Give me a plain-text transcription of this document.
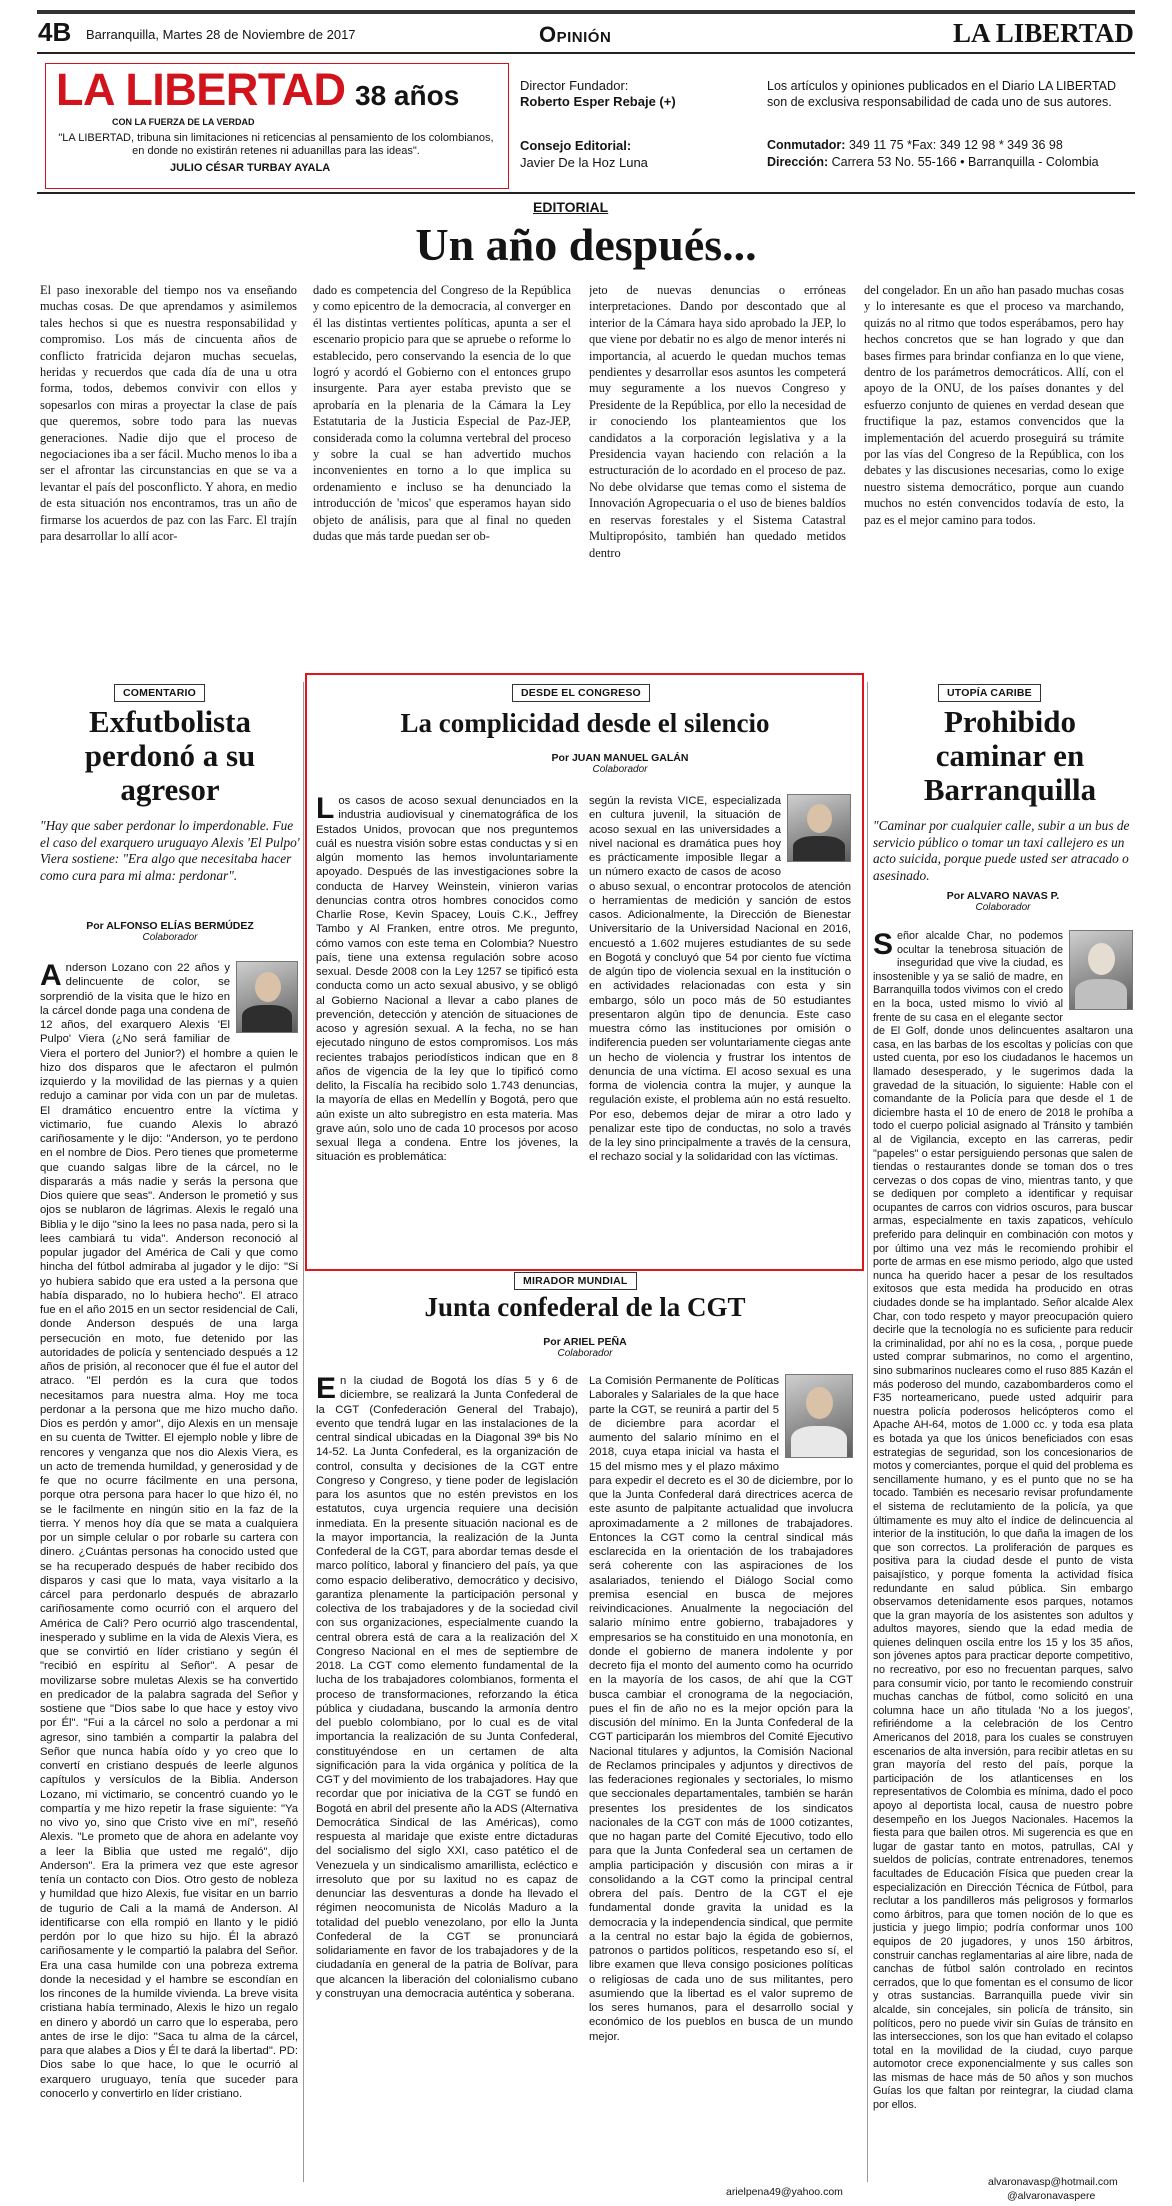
4B Barranquilla, Martes 28 de Noviembre de 2017	Opinión	LA LIBERTAD
LA LIBERTAD 38 años
CON LA FUERZA DE LA VERDAD
"LA LIBERTAD, tribuna sin limitaciones ni reticencias al pensamiento de los colombianos, en donde no existirán retenes ni aduanillas para las ideas".
JULIO CÉSAR TURBAY AYALA
Director Fundador:
Roberto Esper Rebaje (+)
Consejo Editorial:
Javier De la Hoz Luna
Los artículos y opiniones publicados en el Diario LA LIBERTAD son de exclusiva responsabilidad de cada uno de sus autores.
Conmutador: 349 11 75 *Fax: 349 12 98 * 349 36 98
Dirección: Carrera 53 No. 55-166 • Barranquilla - Colombia
EDITORIAL
Un año después...

El paso inexorable del tiempo nos va enseñando muchas cosas. De que aprendamos y asimilemos tales hechos si que es nuestra responsabilidad y compromiso. Los más de cincuenta años de conflicto fratricida dejaron muchas secuelas, heridas y recuerdos que cada día de una u otra forma, todos, debemos convivir con ellos y sopesarlos con miras a proyectar la clase de país que queremos, sobre todo para las nuevas generaciones. Nadie dijo que el proceso de negociaciones iba a ser fácil. Mucho menos lo iba a ser el afrontar las circunstancias en que se va a levantar el país del posconflicto. Y ahora, en medio de esta situación nos encontramos, tras un año de firmarse los acuerdos de paz con las Farc. El trajín para desarrollar lo allí acor-

dado es competencia del Congreso de la República y como epicentro de la democracia, al converger en él las distintas vertientes políticas, apunta a ser el escenario propicio para que se apruebe o reforme lo establecido, pero conservando la esencia de lo que logró y acordó el Gobierno con el entonces grupo insurgente. Para ayer estaba previsto que se aprobaría en la plenaria de la Cámara la Ley Estatutaria de la Justicia Especial de Paz-JEP, considerada como la columna vertebral del proceso y sobre la cual se han advertido muchos inconvenientes en torno a lo que implica su ordenamiento e incluso se ha denunciado la introducción de 'micos' que esperamos hayan sido objeto de análisis, para que al final no queden dudas que más tarde puedan ser ob-

jeto de nuevas denuncias o erróneas interpretaciones. Dando por descontado que al interior de la Cámara haya sido aprobado la JEP, lo que viene por debatir no es algo de menor interés ni importancia, al acuerdo le quedan muchos temas pendientes y desarrollar esos asuntos les competerá muy seguramente a los nuevos Congreso y Presidente de la República, por ello la necesidad de ir conociendo los planteamientos que los candidatos a la corporación legislativa y a la Presidencia vayan haciendo con relación a la estructuración de lo acordado en el proceso de paz. No debe olvidarse que temas como el sistema de Innovación Agropecuaria o el uso de bienes baldíos en reservas forestales y el Sistema Catastral Multipropósito, también han quedado metidos dentro

del congelador. En un año han pasado muchas cosas y lo interesante es que el proceso va marchando, quizás no al ritmo que todos esperábamos, pero hay hechos concretos que se han logrado y que dan bases firmes para brindar confianza en lo que viene, dentro de los parámetros democráticos. Allí, con el apoyo de la ONU, de los países donantes y del esfuerzo conjunto de quienes en verdad desean que fructifique la paz, estamos convencidos que la implementación del acuerdo proseguirá su trámite por las vías del Congreso de la República, con los debates y las discusiones necesarias, como lo exige nuestro sistema democrático, porque aun cuando muchos no estén convencidos todavía de esto, la paz es el mejor camino para todos.

COMENTARIO
Exfutbolista perdonó a su agresor
"Hay que saber perdonar lo imperdonable. Fue el caso del exarquero uruguayo Alexis 'El Pulpo' Viera sostiene: "Era algo que necesitaba hacer como cura para mi alma: perdonar".
Por ALFONSO ELÍAS BERMÚDEZ
Colaborador
Anderson Lozano con 22 años y delincuente de color, se sorprendió de la visita que le hizo en la cárcel donde paga una condena de 12 años, del exarquero Alexis 'El Pulpo' Viera (¿No será familiar de Viera el portero del Junior?) el hombre a quien le hizo dos disparos que le afectaron el pulmón izquierdo y la movilidad de las piernas y a quien redujo a caminar por vida con un par de muletas. El dramático encuentro entre la víctima y victimario, fue cuando Alexis lo abrazó cariñosamente y le dijo: "Anderson, yo te perdono en el nombre de Dios. Pero tienes que prometerme que cuando salgas libre de la cárcel, no le dispararás a más nadie y serás la persona que Dios quiere que seas". Anderson le prometió y sus ojos se nublaron de lágrimas. Alexis le regaló una Biblia y le dijo "sino la lees no pasa nada, pero si la lees cambiará tu vida". Anderson reconoció al popular jugador del América de Cali y que como hincha del fútbol admiraba al jugador y le dijo: "Si yo hubiera sabido que era usted a la persona que había disparado, no lo hubiera hecho". El atraco fue en el año 2015 en un sector residencial de Cali, donde Anderson después de una larga persecución en moto, fue detenido por las autoridades de policía y sentenciado después a 12 años de prisión, al reconocer que él fue el autor del atraco. "El perdón es la cura que todos necesitamos para nuestra alma. Hoy me toca perdonar a la persona que me hizo mucho daño. Dios es perdón y amor", dijo Alexis en un mensaje en su cuenta de Twitter. El ejemplo noble y libre de rencores y venganza que nos dio Alexis Viera, es un acto de tremenda humildad, y generosidad y de fe que no ocurre fácilmente en una persona, porque otra persona para hacer lo que hizo él, no se le facilmente en ningún sitio en la faz de la tierra. Y menos hoy día que se mata a cualquiera por un simple celular o por robarle su cartera con dinero. ¿Cuántas personas ha conocido usted que se ha recuperado después de haber recibido dos disparos y casi que lo mata, vaya visitarlo a la cárcel para perdonarlo después de abrazarlo cariñosamente como ocurrió con el arquero del América de Cali? Pero ocurrió algo trascendental, inesperado y sublime en la vida de Alexis Viera, es que se convirtió en líder cristiano y según él "recibió en espíritu al Señor". A pesar de movilizarse sobre muletas Alexis se ha convertido en predicador de la palabra sagrada del Señor y sostiene que "Dios sabe lo que hace y estoy vivo por Él". "Fui a la cárcel no solo a perdonar a mi agresor, sino también a compartir la palabra del Señor que nunca había oído y yo creo que lo convertí en cristiano después de leerle algunos capítulos y versículos de la Biblia. Anderson Lozano, mi victimario, se concentró cuando yo le compartía y me hizo repetir la frase siguiente: "Ya no vivo yo, sino que Cristo vive en mí", reseñó Alexis. "Le prometo que de ahora en adelante voy a leer la Biblia que usted me regaló", dijo Anderson". Era la primera vez que este agresor tenía un contacto con Dios. Otro gesto de nobleza y humildad que hizo Alexis, fue visitar en un barrio de tugurio de Cali a la mamá de Anderson. Al identificarse con ella rompió en llanto y le pidió perdón por lo que hizo su hijo. Él la abrazó cariñosamente y le compartió la palabra del Señor. Era una casa humilde con una pobreza extrema donde la necesidad y el hambre se escondían en los rincones de la humilde vivienda. La breve visita cristiana había terminado, Alexis le hizo un regalo en dinero y abordó un carro que lo esperaba, pero antes de irse le dijo: "Saca tu alma de la cárcel, para que alabes a Dios y Él te dará la libertad". PD: Dios sabe lo que hace, lo que le ocurrió al exarquero uruguayo, tenía que suceder para conocerlo y convertirlo en líder cristiano.
DESDE EL CONGRESO
La complicidad desde el silencio
Por JUAN MANUEL GALÁN
Colaborador
Los casos de acoso sexual denunciados en la industria audiovisual y cinematográfica de los Estados Unidos, provocan que nos preguntemos cuál es nuestra visión sobre estas conductas y si en algún momento las hemos involuntariamente apoyado. Después de las investigaciones sobre la conducta de Harvey Weinstein, vinieron varias denuncias contra otros hombres conocidos como Charlie Rose, Kevin Spacey, Louis C.K., Jeffrey Tambo y Al Franken, entre otros. Me pregunto, cómo vamos con este tema en Colombia? Nuestro país, tiene una extensa regulación sobre acoso sexual. Desde 2008 con la Ley 1257 se tipificó esta conducta como un acto sexual abusivo, y se obligó al Gobierno Nacional a llevar a cabo planes de prevención, detección y atención de situaciones de acoso y agresión sexual. A la fecha, no se han ejecutado ninguno de estos compromisos. Los más recientes trabajos periodísticos indican que en 8 años de vigencia de la ley que lo tipificó como delito, la Fiscalía ha recibido solo 1.743 denuncias, la mayoría de ellas en Medellín y Bogotá, pero que aún existe un alto subregistro en esta materia. Mas grave aún, solo uno de cada 10 procesos por acoso sexual llega a condena. Entre los jóvenes, la situación es problemática:
según la revista VICE, especializada en cultura juvenil, la situación de acoso sexual en las universidades a nivel nacional es dramática pues hoy es prácticamente imposible llegar a un número exacto de casos de acoso o abuso sexual, o encontrar protocolos de atención o herramientas de medición y sanción de estos casos. Adicionalmente, la Dirección de Bienestar Universitario de la Universidad Nacional en 2016, encuestó a 1.602 mujeres estudiantes de su sede en Bogotá y concluyó que 54 por ciento fue víctima de algún tipo de violencia sexual en la institución o en actividades relacionadas con esta y sin embargo, sólo un poco más de 50 estudiantes presentaron algún tipo de denuncia. Este caso muestra cómo las instituciones por omisión o indiferencia pueden ser voluntariamente ciegas ante un hecho de violencia y frustrar los intentos de denuncia de una víctima. El acoso sexual es una forma de violencia contra la mujer, y aunque la regulación existe, el problema aún no está resuelto. Por eso, debemos dejar de mirar a otro lado y penalizar este tipo de conductas, no solo a través de la ley sino principalmente a través de la censura, el rechazo social y la solidaridad con las víctimas.
MIRADOR MUNDIAL
Junta confederal de la CGT
Por ARIEL PEÑA
Colaborador
En la ciudad de Bogotá los días 5 y 6 de diciembre, se realizará la Junta Confederal de la CGT (Confederación General del Trabajo), evento que tendrá lugar en las instalaciones de la central sindical ubicadas en la Diagonal 39ª bis No 14-52. La Junta Confederal, es la organización de control, consulta y decisiones de la CGT entre Congreso y Congreso, y tiene poder de legislación para los asuntos que no estén previstos en los estatutos, cuya urgencia requiere una decisión inmediata. En la presente situación nacional es de la mayor importancia, la realización de la Junta Confederal de la CGT, para abordar temas desde el marco político, laboral y financiero del país, ya que como espacio deliberativo, democrático y decisivo, garantiza plenamente la participación personal y colectiva de los trabajadores y de la sociedad civil con sus organizaciones, especialmente cuando la central obrera está de cara a la realización del X Congreso Nacional en el mes de septiembre de 2018. La CGT como elemento fundamental de la lucha de los trabajadores colombianos, formenta el proceso de transformaciones, reforzando la ética pública y ciudadana, buscando la armonía dentro del pueblo colombiano, por lo cual es de vital importancia la realización de su Junta Confederal, constituyéndose en un certamen de alta significación para la vida orgánica y política de la CGT y del movimiento de los trabajadores. Hay que recordar que por iniciativa de la CGT se fundó en Bogotá en abril del presente año la ADS (Alternativa Democrática Sindical de las Américas), como respuesta al maridaje que existe entre dictaduras del socialismo del siglo XXI, caso patético el de Venezuela y un sindicalismo amarillista, ecléctico e irresoluto que por su laxitud no es capaz de denunciar las desventuras a donde ha llevado el régimen neocomunista de Nicolás Maduro a la totalidad del pueblo venezolano, por ello la Junta Confederal de la CGT se pronunciará solidariamente en favor de los trabajadores y de la ciudadanía en general de la patria de Bolívar, para que alcancen la liberación del colonialismo cubano y construyan una democracia auténtica y soberana.
La Comisión Permanente de Políticas Laborales y Salariales de la que hace parte la CGT, se reunirá a partir del 5 de diciembre para acordar el aumento del salario mínimo en el 2018, cuya etapa inicial va hasta el 15 del mismo mes y el plazo máximo para expedir el decreto es el 30 de diciembre, por lo que la Junta Confederal dará directrices acerca de este asunto de palpitante actualidad que involucra aproximadamente a 2 millones de trabajadores. Entonces la CGT como la central sindical más esclarecida en la orientación de los trabajadores será coherente con las aspiraciones de los asalariados, teniendo el Diálogo Social como premisa esencial en busca de mejores reivindicaciones. Anualmente la negociación del salario mínimo entre gobierno, trabajadores y empresarios se ha constituido en una monotonía, en donde el gobierno de manera indolente y por decreto fija el monto del aumento como ha ocurrido en la mayoría de los casos, de ahí que la CGT busca cambiar el cronograma de la negociación, pues el fin de año no es la mejor opción para la discusión del mínimo. En la Junta Confederal de la CGT participarán los miembros del Comité Ejecutivo Nacional titulares y adjuntos, la Comisión Nacional de Reclamos principales y adjuntos y directivos de las federaciones regionales y sectoriales, lo mismo que seccionales departamentales, también se harán presentes los presidentes de los sindicatos nacionales de la CGT con más de 1000 cotizantes, que no hagan parte del Comité Ejecutivo, todo ello para que la Junta Confederal sea un certamen de amplia participación y discusión con miras a ir consolidando a la CGT como la principal central obrera del país. Dentro de la CGT el eje fundamental donde gravita la unidad es la democracia y la independencia sindical, que permite a la central no estar bajo la égida de gobiernos, patronos o partidos políticos, respetando eso sí, el libre examen que lleva consigo posiciones políticas o religiosas de cada uno de sus militantes, pero asumiendo que la libertad es el valor supremo de los seres humanos, para el desarrollo social y económico de los pueblos en busca de un mundo mejor.
arielpena49@yahoo.com
UTOPÍA CARIBE
Prohibido caminar en Barranquilla
"Caminar por cualquier calle, subir a un bus de servicio público o tomar un taxi callejero es un acto suicida, porque puede usted ser atracado o asesinado.
Por ALVARO NAVAS P.
Colaborador
Señor alcalde Char, no podemos ocultar la tenebrosa situación de inseguridad que vive la ciudad, es insostenible y ya se salió de madre, en Barranquilla todos vivimos con el credo en la boca, usted mismo lo vivió al frente de su casa en el elegante sector de El Golf, donde unos delincuentes asaltaron una casa, en las barbas de los escoltas y policías con que usted cuenta, por eso los ciudadanos le hacemos un llamado desesperado, y le sugerimos dada la gravedad de la situación, lo siguiente: Hable con el comandante de la Policía para que desde el 1 de diciembre hasta el 10 de enero de 2018 le prohíba a todo el cuerpo policial asignado al Tránsito y también al de Vigilancia, excepto en las carreras, pedir "papeles" o estar persiguiendo personas que salen de tiendas o restaurantes donde se toman dos o tres cervezas o dos copas de vino, mientras tanto, y que se dediquen por completo a identificar y requisar ocupantes de carros con vidrios oscuros, para buscar armas, especialmente en taxis zapaticos, vehículo preferido para delinquir en combinación con motos y por último una vez más le recomiendo prohibir el porte de armas en ese mismo periodo, algo que usted nunca ha querido hacer a pesar de los resultados exitosos que esta medida ha producido en otras ciudades donde se ha implantado. Señor alcalde Alex Char, con todo respeto y mayor preocupación quiero decirle que la tecnología no es suficiente para reducir la criminalidad, por ahí no es la cosa, , porque puede usted comprar submarinos, no como el argentino, sino submarinos nucleares como el ruso 885 Kazán el más poderoso del mundo, cazabombarderos como el F35 norteamericano, puede usted adquirir para nuestra policía poderosos helicópteros como el Apache AH-64, motos de 1.000 cc. y toda esa plata es botada ya que los únicos beneficiados con esas estrategias de seguridad, son los concesionarios de motos y comerciantes, porque el quid del problema es sencillamente humano, y es el punto que no se ha tocado. También es necesario revisar profundamente el sistema de reclutamiento de la policía, ya que últimamente es muy alto el índice de delincuencia al interior de la institución, lo que daña la imagen de los que son correctos. La proliferación de parques es positiva para la ciudad desde el punto de vista paisajístico, y porque fomenta la actividad física redundante en salud pública. Sin embargo observamos detenidamente esos parques, notamos que la gran mayoría de los asistentes son adultos y adultos mayores, siendo que la edad media de quienes delinquen oscila entre los 15 y los 35 años, son jóvenes aptos para practicar deporte competitivo, no recreativo, por eso no frecuentan parques, salvo para consumir vicio, por tanto le recomiendo construir muchas canchas de fútbol, como solicitó en una columna hace un año titulada 'No a los juegos', refiriéndome a la celebración de los Centro Americanos del 2018, para los cuales se construyen escenarios de alta inversión, para recibir atletas en su gran mayoría del resto del país, porque la participación de los atlanticenses en los representativos de Colombia es mínima, dado el poco apoyo al deportista local, causa de nuestro pobre desempeño en los Juegos Nacionales. Hacemos la fiesta para que bailen otros. Mi sugerencia es que en lugar de gastar tanto en motos, patrullas, CAI y sueldos de policías, contrate entrenadores, tenemos facultades de Educación Física que pueden crear la especialización en Dirección Técnica de Fútbol, para reclutar a los pandilleros más peligrosos y formarlos como árbitros, para que tomen noción de lo que es justicia y juego limpio; podría conformar unos 100 equipos de 20 jugadores, y unos 150 árbitros, construir canchas reglamentarias al aire libre, nada de canchas de fútbol salón controlado en recintos cerrados, que lo que fomentan es el consumo de licor y otras sustancias. Barranquilla puede vivir sin alcalde, sin concejales, sin policía de tránsito, sin políticos, pero no puede vivir sin Guías de tránsito en las intersecciones, son los que han evitado el colapso total en la movilidad de la ciudad, cuyo parque automotor crece exponencialmente y sus calles son las mismas de hace más de 50 años y son muchos Guías los que faltan por reintegrar, la ciudad clama por ellos.
alvaronavasp@hotmail.com
@alvaronavaspere
